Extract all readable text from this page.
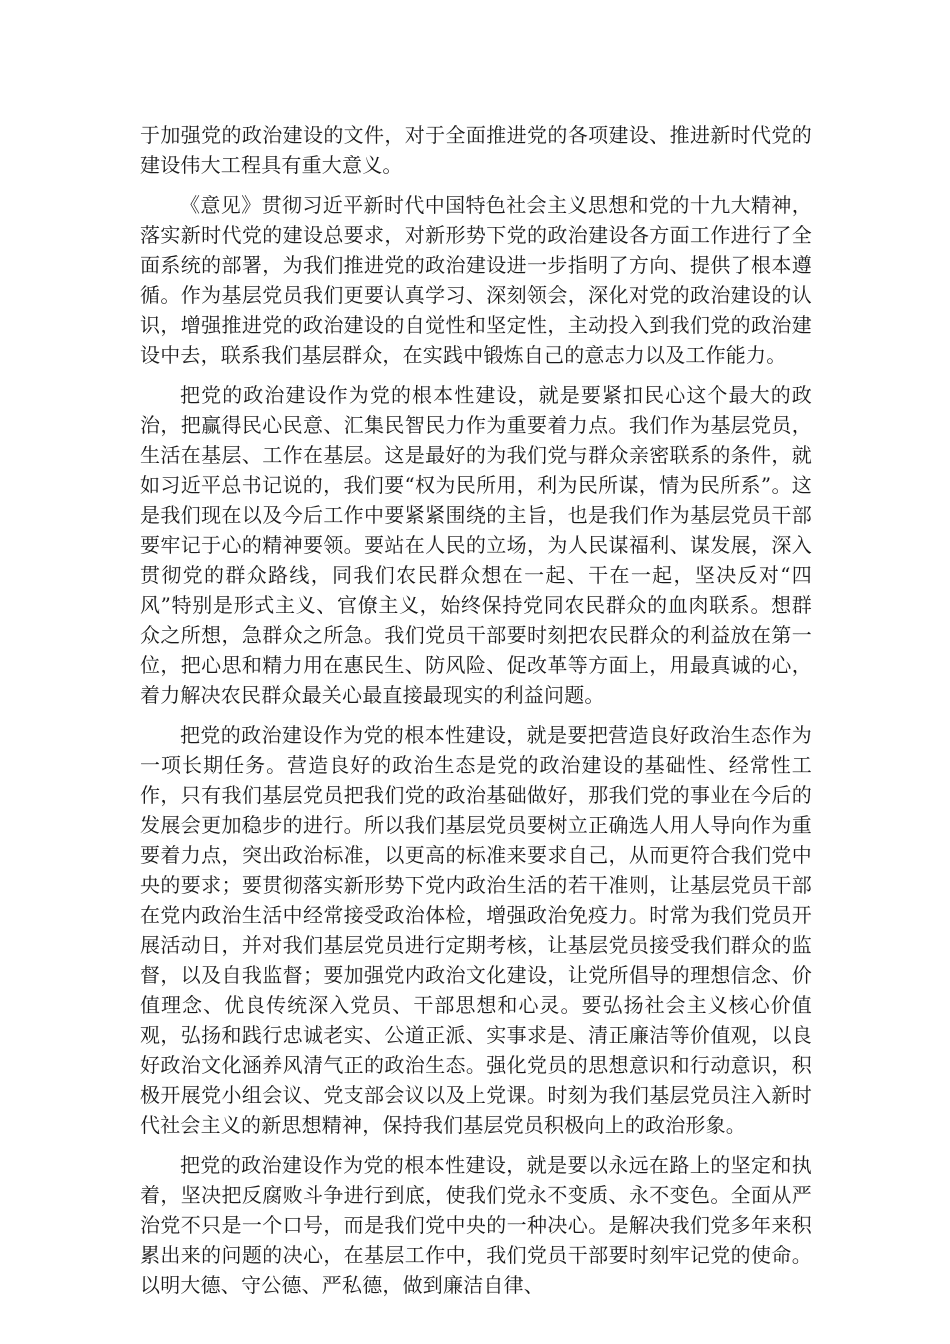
于加强党的政治建设的文件，对于全面推进党的各项建设、推进新时代党的建设伟大工程具有重大意义。

《意见》贯彻习近平新时代中国特色社会主义思想和党的十九大精神，落实新时代党的建设总要求，对新形势下党的政治建设各方面工作进行了全面系统的部署，为我们推进党的政治建设进一步指明了方向、提供了根本遵循。作为基层党员我们更要认真学习、深刻领会，深化对党的政治建设的认识，增强推进党的政治建设的自觉性和坚定性，主动投入到我们党的政治建设中去，联系我们基层群众，在实践中锻炼自己的意志力以及工作能力。

把党的政治建设作为党的根本性建设，就是要紧扣民心这个最大的政治，把赢得民心民意、汇集民智民力作为重要着力点。我们作为基层党员，生活在基层、工作在基层。这是最好的为我们党与群众亲密联系的条件，就如习近平总书记说的，我们要“权为民所用，利为民所谋，情为民所系”。这是我们现在以及今后工作中要紧紧围绕的主旨，也是我们作为基层党员干部要牢记于心的精神要领。要站在人民的立场，为人民谋福利、谋发展，深入贯彻党的群众路线，同我们农民群众想在一起、干在一起，坚决反对“四风”特别是形式主义、官僚主义，始终保持党同农民群众的血肉联系。想群众之所想，急群众之所急。我们党员干部要时刻把农民群众的利益放在第一位，把心思和精力用在惠民生、防风险、促改革等方面上，用最真诚的心，着力解决农民群众最关心最直接最现实的利益问题。

把党的政治建设作为党的根本性建设，就是要把营造良好政治生态作为一项长期任务。营造良好的政治生态是党的政治建设的基础性、经常性工作，只有我们基层党员把我们党的政治基础做好，那我们党的事业在今后的发展会更加稳步的进行。所以我们基层党员要树立正确选人用人导向作为重要着力点，突出政治标准，以更高的标准来要求自己，从而更符合我们党中央的要求；要贯彻落实新形势下党内政治生活的若干准则，让基层党员干部在党内政治生活中经常接受政治体检，增强政治免疫力。时常为我们党员开展活动日，并对我们基层党员进行定期考核，让基层党员接受我们群众的监督，以及自我监督；要加强党内政治文化建设，让党所倡导的理想信念、价值理念、优良传统深入党员、干部思想和心灵。要弘扬社会主义核心价值观，弘扬和践行忠诚老实、公道正派、实事求是、清正廉洁等价值观，以良好政治文化涵养风清气正的政治生态。强化党员的思想意识和行动意识，积极开展党小组会议、党支部会议以及上党课。时刻为我们基层党员注入新时代社会主义的新思想精神，保持我们基层党员积极向上的政治形象。

把党的政治建设作为党的根本性建设，就是要以永远在路上的坚定和执着，坚决把反腐败斗争进行到底，使我们党永不变质、永不变色。全面从严治党不只是一个口号，而是我们党中央的一种决心。是解决我们党多年来积累出来的问题的决心，在基层工作中，我们党员干部要时刻牢记党的使命。以明大德、守公德、严私德，做到廉洁自律、
